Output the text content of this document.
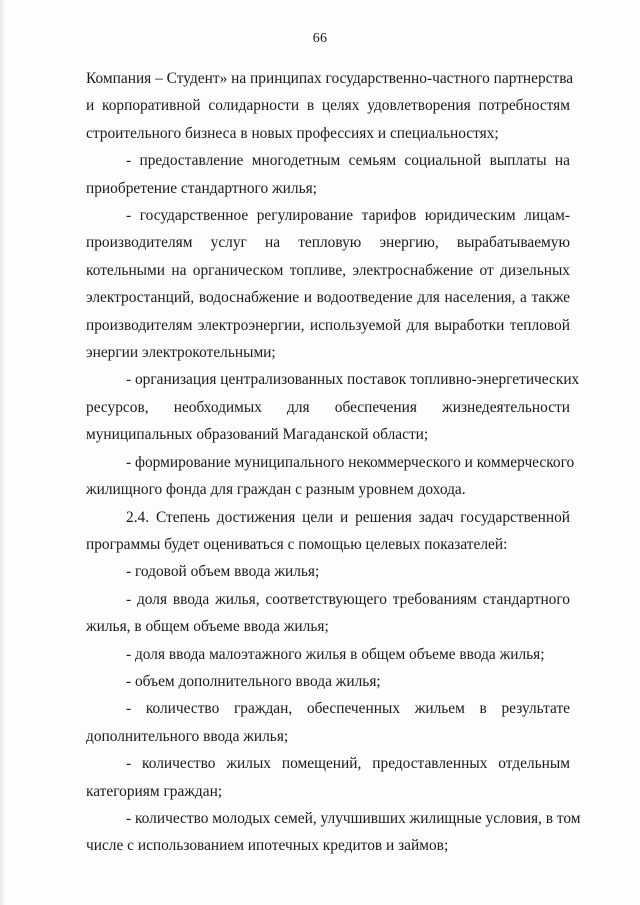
66
Компания – Студент» на принципах государственно-частного партнерства
и корпоративной солидарности в целях удовлетворения потребностям
строительного бизнеса в новых профессиях и специальностях;
- предоставление многодетным семьям социальной выплаты на
приобретение стандартного жилья;
- государственное регулирование тарифов юридическим лицам-
производителям услуг на тепловую энергию, вырабатываемую
котельными на органическом топливе, электроснабжение от дизельных
электростанций, водоснабжение и водоотведение для населения, а также
производителям электроэнергии, используемой для выработки тепловой
энергии электрокотельными;
- организация централизованных поставок топливно-энергетических
ресурсов, необходимых для обеспечения жизнедеятельности
муниципальных образований Магаданской области;
- формирование муниципального некоммерческого и коммерческого
жилищного фонда для граждан с разным уровнем дохода.
2.4. Степень достижения цели и решения задач государственной
программы будет оцениваться с помощью целевых показателей:
- годовой объем ввода жилья;
- доля ввода жилья, соответствующего требованиям стандартного
жилья, в общем объеме ввода жилья;
- доля ввода малоэтажного жилья в общем объеме ввода жилья;
- объем дополнительного ввода жилья;
- количество граждан, обеспеченных жильем в результате
дополнительного ввода жилья;
- количество жилых помещений, предоставленных отдельным
категориям граждан;
- количество молодых семей, улучшивших жилищные условия, в том
числе с использованием ипотечных кредитов и займов;
